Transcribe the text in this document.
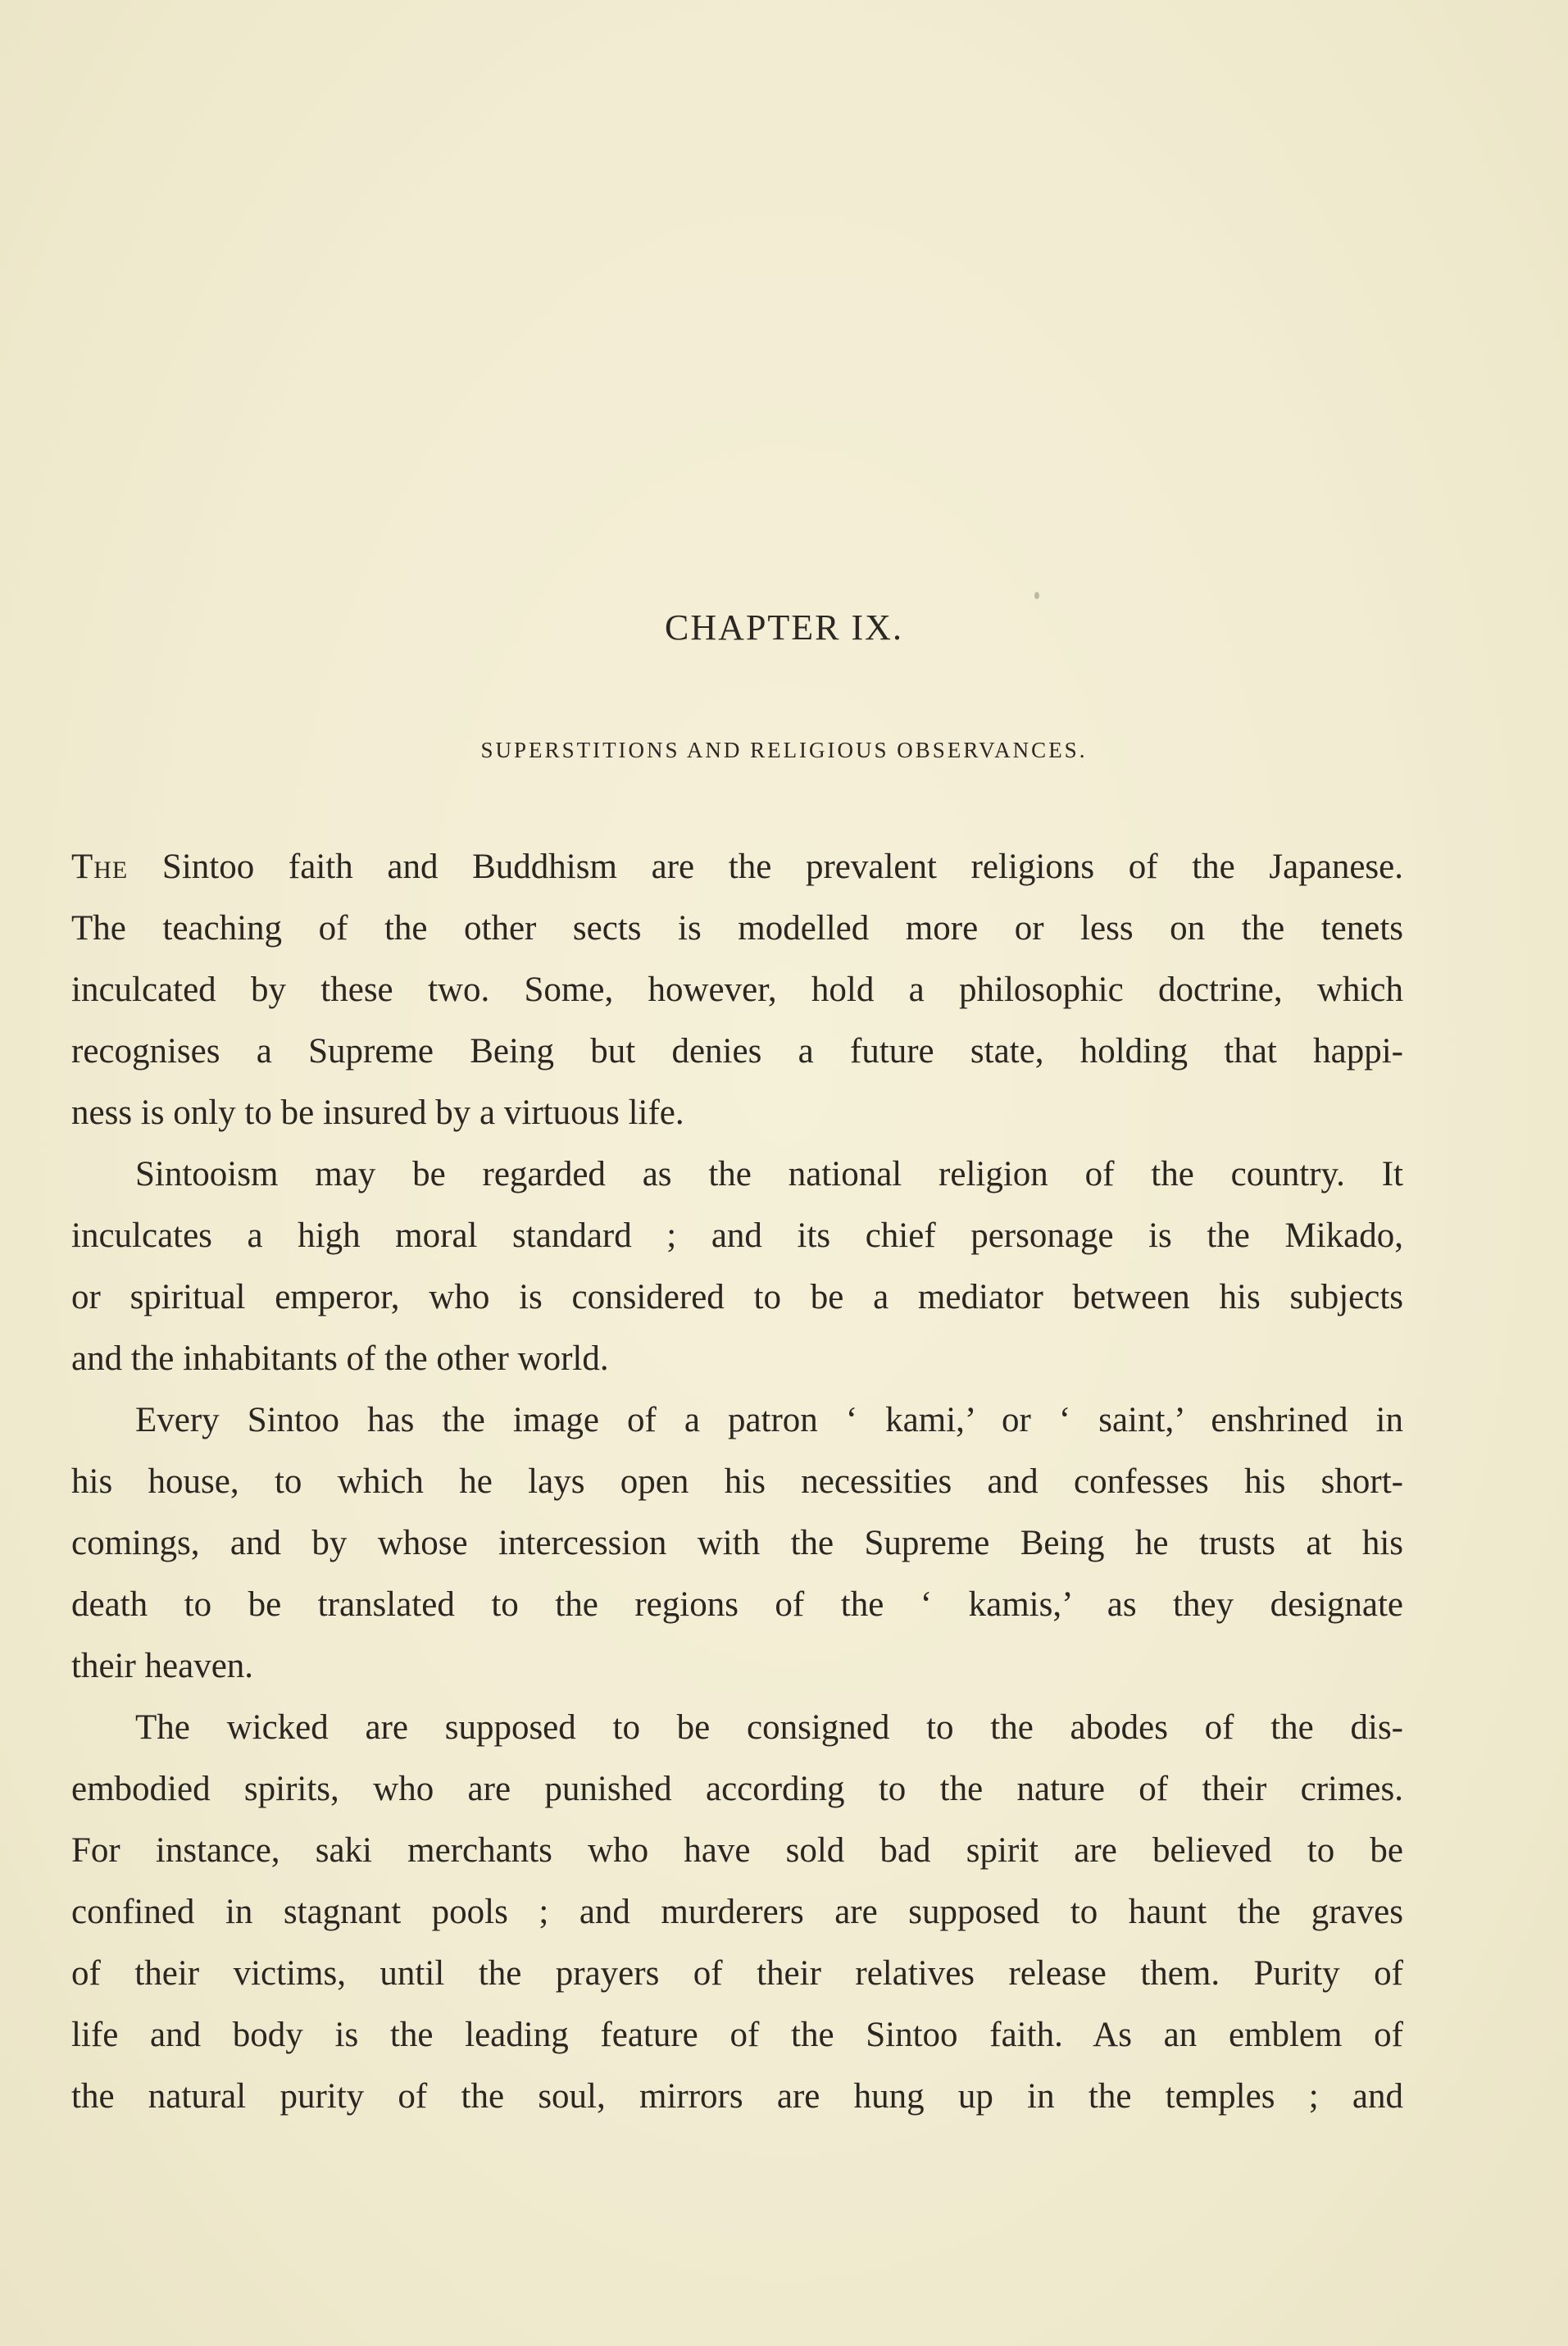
CHAPTER IX.
SUPERSTITIONS AND RELIGIOUS OBSERVANCES.
The Sintoo faith and Buddhism are the prevalent religions of the Japanese.
The teaching of the other sects is modelled more or less on the tenets
inculcated by these two. Some, however, hold a philosophic doctrine, which
recognises a Supreme Being but denies a future state, holding that happi-
ness is only to be insured by a virtuous life.
Sintooism may be regarded as the national religion of the country. It
inculcates a high moral standard ; and its chief personage is the Mikado,
or spiritual emperor, who is considered to be a mediator between his subjects
and the inhabitants of the other world.
Every Sintoo has the image of a patron ‘ kami,’ or ‘ saint,’ enshrined in
his house, to which he lays open his necessities and confesses his short-
comings, and by whose intercession with the Supreme Being he trusts at his
death to be translated to the regions of the ‘ kamis,’ as they designate
their heaven.
The wicked are supposed to be consigned to the abodes of the dis-
embodied spirits, who are punished according to the nature of their crimes.
For instance, saki merchants who have sold bad spirit are believed to be
confined in stagnant pools ; and murderers are supposed to haunt the graves
of their victims, until the prayers of their relatives release them. Purity of
life and body is the leading feature of the Sintoo faith. As an emblem of
the natural purity of the soul, mirrors are hung up in the temples ; and
